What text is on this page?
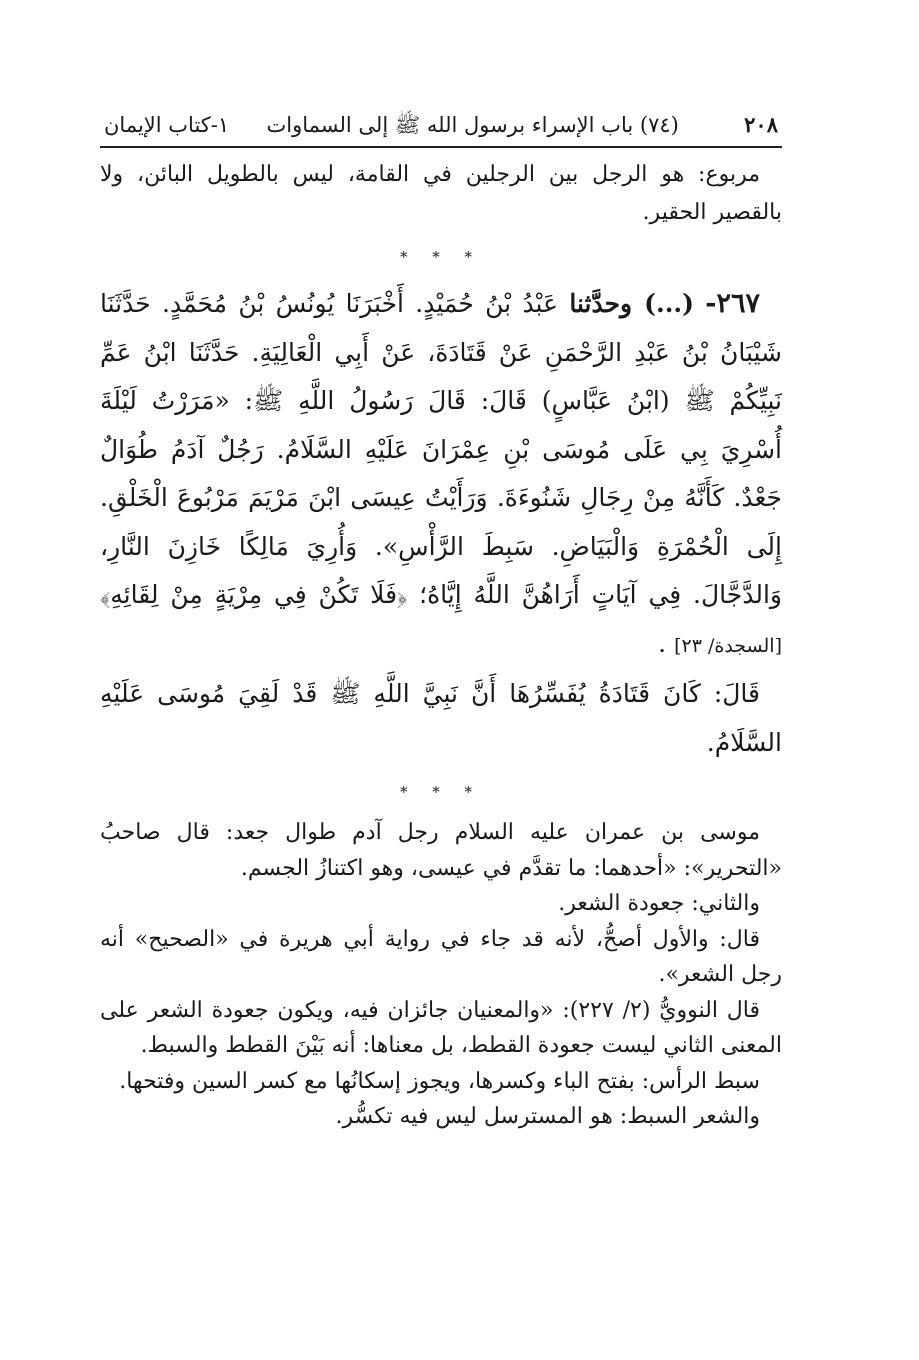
٢٠٨
(٧٤) باب الإسراء برسول الله ﷺ إلى السماوات
١-كتاب الإيمان

مربوع: هو الرجل بين الرجلين في القامة، ليس بالطويل البائن، ولا بالقصير الحقير.

* * *

٢٦٧- (...) وحدَّثنا عَبْدُ بْنُ حُمَيْدٍ. أَخْبَرَنَا يُونُسُ بْنُ مُحَمَّدٍ. حَدَّثَنَا شَيْبَانُ بْنُ عَبْدِ الرَّحْمَنِ عَنْ قَتَادَةَ، عَنْ أَبِي الْعَالِيَةِ. حَدَّثَنَا ابْنُ عَمِّ نَبِيِّكُمْ ﷺ (ابْنُ عَبَّاسٍ) قَالَ: قَالَ رَسُولُ اللَّهِ ﷺ: «مَرَرْتُ لَيْلَةَ أُسْرِيَ بِي عَلَى مُوسَى بْنِ عِمْرَانَ عَلَيْهِ السَّلَامُ. رَجُلٌ آدَمُ طُوَالٌ جَعْدٌ. كَأَنَّهُ مِنْ رِجَالِ شَنُوءَةَ. وَرَأَيْتُ عِيسَى ابْنَ مَرْيَمَ مَرْبُوعَ الْخَلْقِ. إِلَى الْحُمْرَةِ وَالْبَيَاضِ. سَبِطَ الرَّأْسِ». وَأُرِيَ مَالِكًا خَازِنَ النَّارِ، وَالدَّجَّالَ. فِي آيَاتٍ أَرَاهُنَّ اللَّهُ إِيَّاهُ؛ ﴿فَلَا تَكُنْ فِي مِرْيَةٍ مِنْ لِقَائِهِ﴾ [السجدة/ ٢٣] .

قَالَ: كَانَ قَتَادَةُ يُفَسِّرُهَا أَنَّ نَبِيَّ اللَّهِ ﷺ قَدْ لَقِيَ مُوسَى عَلَيْهِ السَّلَامُ.

* * *

موسى بن عمران عليه السلام رجل آدم طوال جعد: قال صاحبُ «التحرير»: «أحدهما: ما تقدَّم في عيسى، وهو اكتنازُ الجسم.

والثاني: جعودة الشعر.

قال: والأول أصحُّ، لأنه قد جاء في رواية أبي هريرة في «الصحيح» أنه رجل الشعر».

قال النوويُّ (٢/ ٢٢٧): «والمعنيان جائزان فيه، ويكون جعودة الشعر على المعنى الثاني ليست جعودة القطط، بل معناها: أنه بَيْنَ القطط والسبط.

سبط الرأس: بفتح الباء وكسرها، ويجوز إسكانُها مع كسر السين وفتحها.

والشعر السبط: هو المسترسل ليس فيه تكسُّر.
